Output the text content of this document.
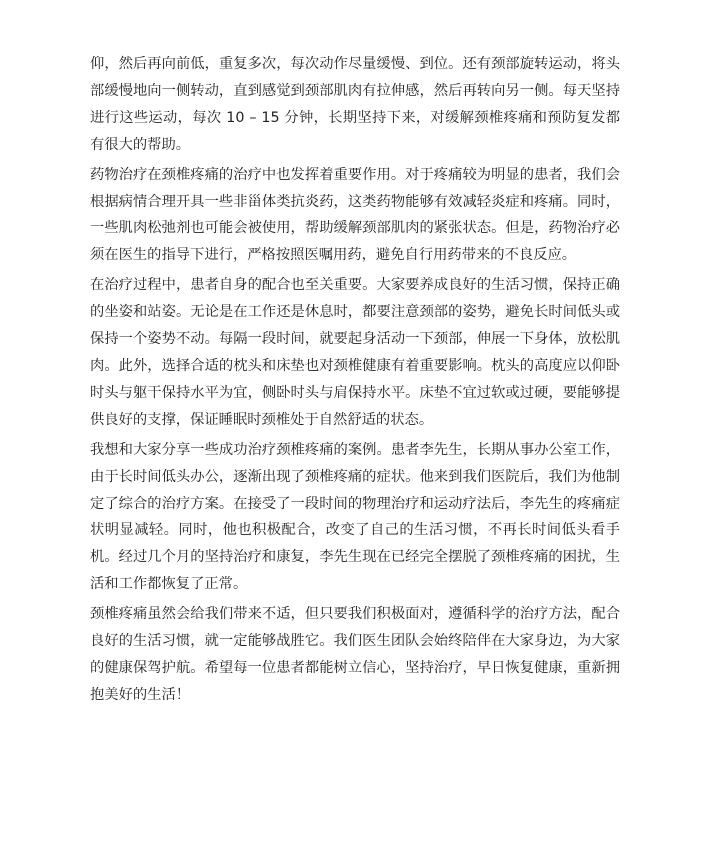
仰，然后再向前低，重复多次，每次动作尽量缓慢、到位。还有颈部旋转运动，将头部缓慢地向一侧转动，直到感觉到颈部肌肉有拉伸感，然后再转向另一侧。每天坚持进行这些运动，每次 10 – 15 分钟，长期坚持下来，对缓解颈椎疼痛和预防复发都有很大的帮助。

药物治疗在颈椎疼痛的治疗中也发挥着重要作用。对于疼痛较为明显的患者，我们会根据病情合理开具一些非甾体类抗炎药，这类药物能够有效减轻炎症和疼痛。同时，一些肌肉松弛剂也可能会被使用，帮助缓解颈部肌肉的紧张状态。但是，药物治疗必须在医生的指导下进行，严格按照医嘱用药，避免自行用药带来的不良反应。

在治疗过程中，患者自身的配合也至关重要。大家要养成良好的生活习惯，保持正确的坐姿和站姿。无论是在工作还是休息时，都要注意颈部的姿势，避免长时间低头或保持一个姿势不动。每隔一段时间，就要起身活动一下颈部，伸展一下身体，放松肌肉。此外，选择合适的枕头和床垫也对颈椎健康有着重要影响。枕头的高度应以仰卧时头与躯干保持水平为宜，侧卧时头与肩保持水平。床垫不宜过软或过硬，要能够提供良好的支撑，保证睡眠时颈椎处于自然舒适的状态。

我想和大家分享一些成功治疗颈椎疼痛的案例。患者李先生，长期从事办公室工作，由于长时间低头办公，逐渐出现了颈椎疼痛的症状。他来到我们医院后，我们为他制定了综合的治疗方案。在接受了一段时间的物理治疗和运动疗法后，李先生的疼痛症状明显减轻。同时，他也积极配合，改变了自己的生活习惯，不再长时间低头看手机。经过几个月的坚持治疗和康复，李先生现在已经完全摆脱了颈椎疼痛的困扰，生活和工作都恢复了正常。

颈椎疼痛虽然会给我们带来不适，但只要我们积极面对，遵循科学的治疗方法，配合良好的生活习惯，就一定能够战胜它。我们医生团队会始终陪伴在大家身边，为大家的健康保驾护航。希望每一位患者都能树立信心，坚持治疗，早日恢复健康，重新拥抱美好的生活！
